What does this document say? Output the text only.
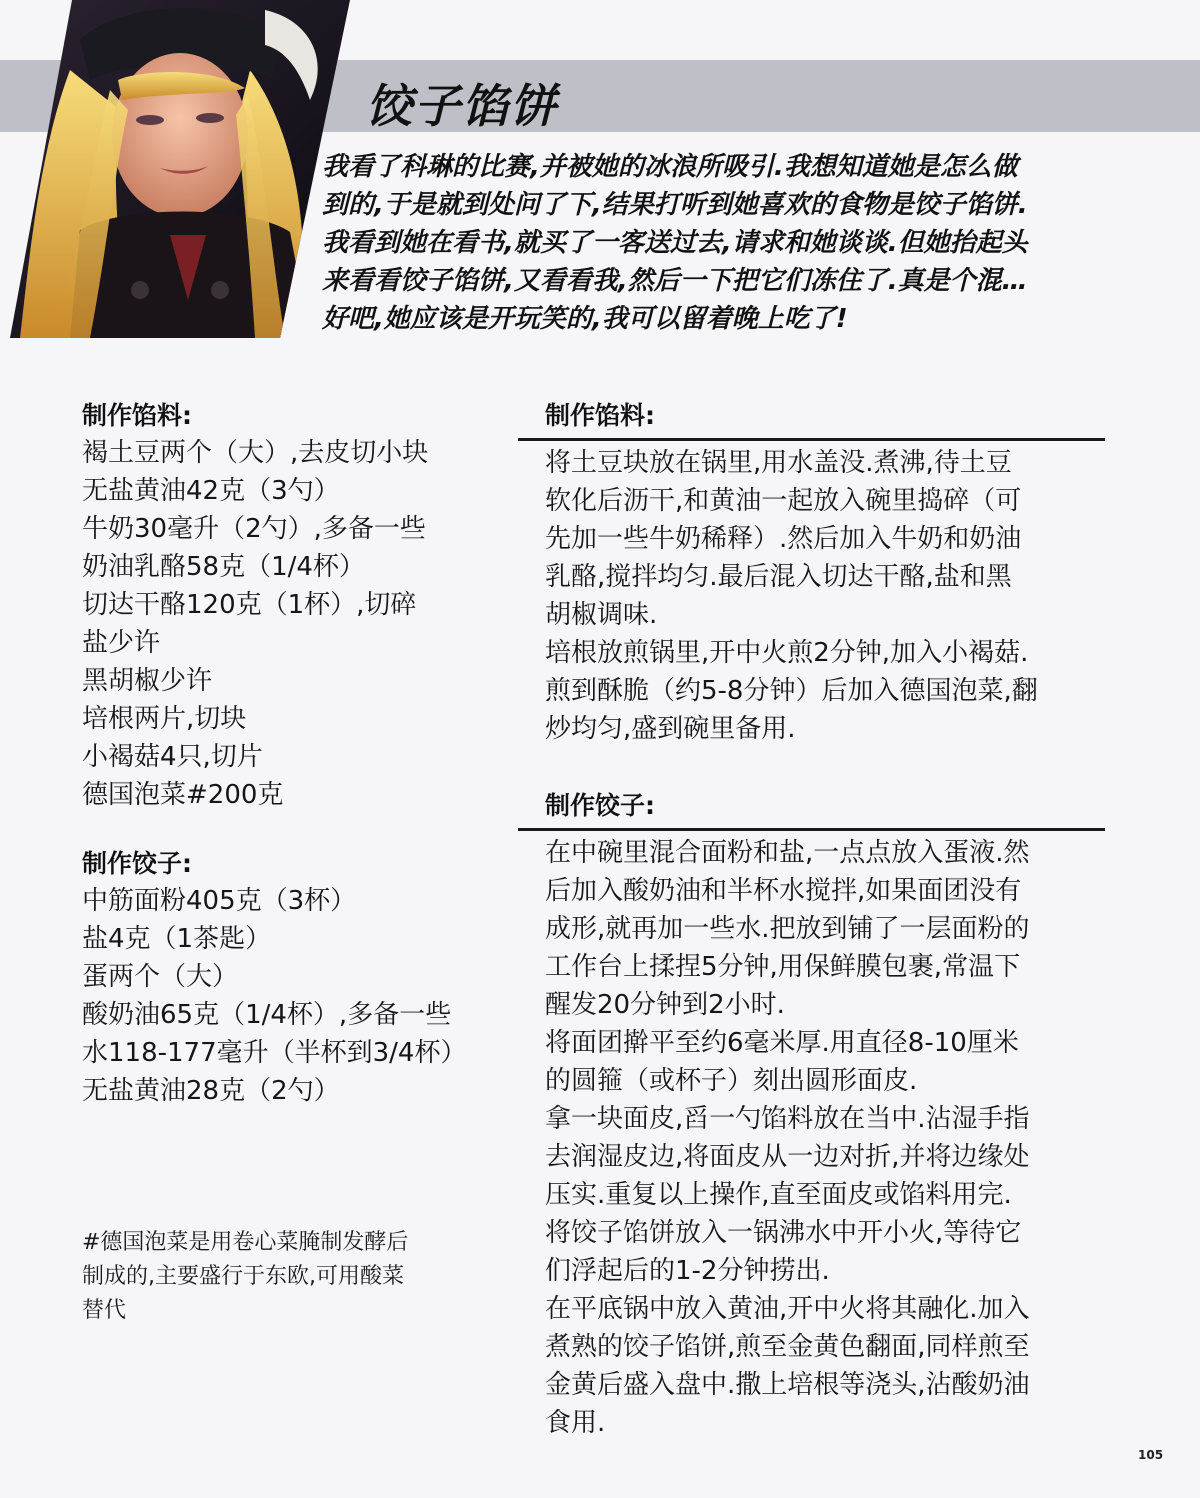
饺子馅饼
我看了科琳的比赛,并被她的冰浪所吸引.我想知道她是怎么做
到的,于是就到处问了下,结果打听到她喜欢的食物是饺子馅饼.
我看到她在看书,就买了一客送过去,请求和她谈谈.但她抬起头
来看看饺子馅饼,又看看我,然后一下把它们冻住了.真是个混…
好吧,她应该是开玩笑的,我可以留着晚上吃了!
制作馅料:
褐土豆两个（大）,去皮切小块
无盐黄油42克（3勺）
牛奶30毫升（2勺）,多备一些
奶油乳酪58克（1/4杯）
切达干酪120克（1杯）,切碎
盐少许
黑胡椒少许
培根两片,切块
小褐菇4只,切片
德国泡菜#200克
制作饺子:
中筋面粉405克（3杯）
盐4克（1茶匙）
蛋两个（大）
酸奶油65克（1/4杯）,多备一些
水118-177毫升（半杯到3/4杯）
无盐黄油28克（2勺）
#德国泡菜是用卷心菜腌制发酵后
制成的,主要盛行于东欧,可用酸菜
替代
制作馅料:
将土豆块放在锅里,用水盖没.煮沸,待土豆
软化后沥干,和黄油一起放入碗里捣碎（可
先加一些牛奶稀释）.然后加入牛奶和奶油
乳酪,搅拌均匀.最后混入切达干酪,盐和黑
胡椒调味.
培根放煎锅里,开中火煎2分钟,加入小褐菇.
煎到酥脆（约5-8分钟）后加入德国泡菜,翻
炒均匀,盛到碗里备用.
制作饺子:
在中碗里混合面粉和盐,一点点放入蛋液.然
后加入酸奶油和半杯水搅拌,如果面团没有
成形,就再加一些水.把放到铺了一层面粉的
工作台上揉捏5分钟,用保鲜膜包裹,常温下
醒发20分钟到2小时.
将面团擀平至约6毫米厚.用直径8-10厘米
的圆箍（或杯子）刻出圆形面皮.
拿一块面皮,舀一勺馅料放在当中.沾湿手指
去润湿皮边,将面皮从一边对折,并将边缘处
压实.重复以上操作,直至面皮或馅料用完.
将饺子馅饼放入一锅沸水中开小火,等待它
们浮起后的1-2分钟捞出.
在平底锅中放入黄油,开中火将其融化.加入
煮熟的饺子馅饼,煎至金黄色翻面,同样煎至
金黄后盛入盘中.撒上培根等浇头,沾酸奶油
食用.
105
